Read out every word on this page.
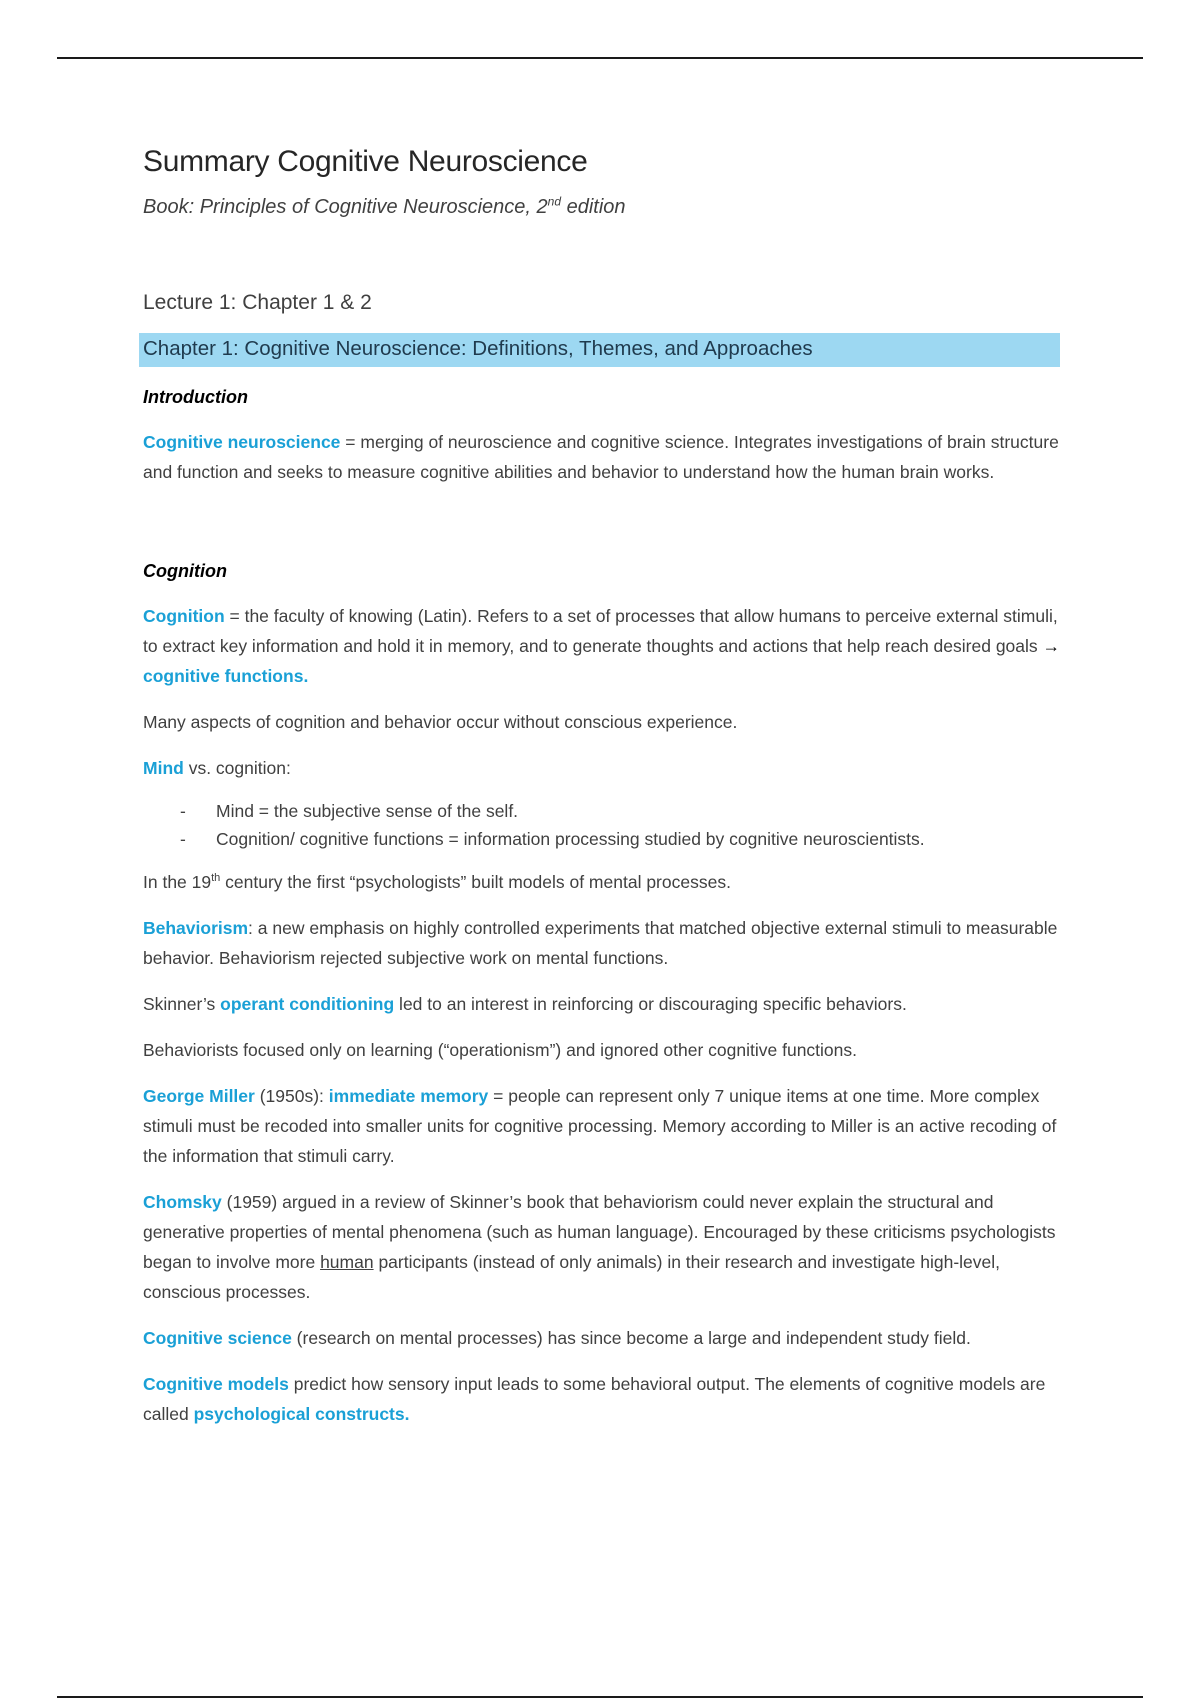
Summary Cognitive Neuroscience
Book: Principles of Cognitive Neuroscience, 2nd edition
Lecture 1: Chapter 1 & 2
Chapter 1: Cognitive Neuroscience: Definitions, Themes, and Approaches
Introduction

Cognitive neuroscience = merging of neuroscience and cognitive science. Integrates investigations of brain structure and function and seeks to measure cognitive abilities and behavior to understand how the human brain works.

Cognition

Cognition = the faculty of knowing (Latin). Refers to a set of processes that allow humans to perceive external stimuli, to extract key information and hold it in memory, and to generate thoughts and actions that help reach desired goals → cognitive functions.

Many aspects of cognition and behavior occur without conscious experience.

Mind vs. cognition:

- Mind = the subjective sense of the self.
- Cognition/ cognitive functions = information processing studied by cognitive neuroscientists.

In the 19th century the first “psychologists” built models of mental processes.

Behaviorism: a new emphasis on highly controlled experiments that matched objective external stimuli to measurable behavior. Behaviorism rejected subjective work on mental functions.

Skinner’s operant conditioning led to an interest in reinforcing or discouraging specific behaviors.

Behaviorists focused only on learning (“operationism”) and ignored other cognitive functions.

George Miller (1950s): immediate memory = people can represent only 7 unique items at one time. More complex stimuli must be recoded into smaller units for cognitive processing. Memory according to Miller is an active recoding of the information that stimuli carry.

Chomsky (1959) argued in a review of Skinner’s book that behaviorism could never explain the structural and generative properties of mental phenomena (such as human language). Encouraged by these criticisms psychologists began to involve more human participants (instead of only animals) in their research and investigate high-level, conscious processes.

Cognitive science (research on mental processes) has since become a large and independent study field.

Cognitive models predict how sensory input leads to some behavioral output. The elements of cognitive models are called psychological constructs.
